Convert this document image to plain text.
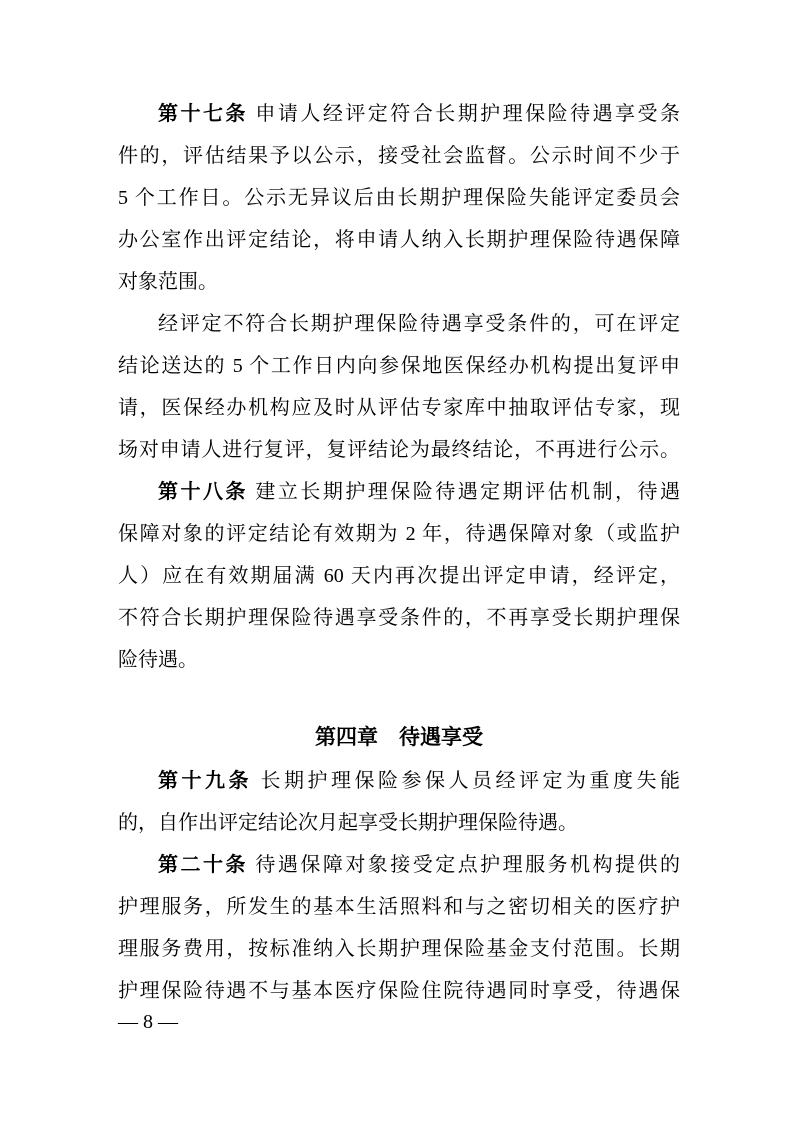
第十七条 申请人经评定符合长期护理保险待遇享受条
件的，评估结果予以公示，接受社会监督。公示时间不少于
5 个工作日。公示无异议后由长期护理保险失能评定委员会
办公室作出评定结论，将申请人纳入长期护理保险待遇保障
对象范围。
经评定不符合长期护理保险待遇享受条件的，可在评定
结论送达的 5 个工作日内向参保地医保经办机构提出复评申
请，医保经办机构应及时从评估专家库中抽取评估专家，现
场对申请人进行复评，复评结论为最终结论，不再进行公示。
第十八条 建立长期护理保险待遇定期评估机制，待遇
保障对象的评定结论有效期为 2 年，待遇保障对象（或监护
人）应在有效期届满 60 天内再次提出评定申请，经评定，
不符合长期护理保险待遇享受条件的，不再享受长期护理保
险待遇。
第四章　待遇享受
第十九条 长期护理保险参保人员经评定为重度失能
的，自作出评定结论次月起享受长期护理保险待遇。
第二十条 待遇保障对象接受定点护理服务机构提供的
护理服务，所发生的基本生活照料和与之密切相关的医疗护
理服务费用，按标准纳入长期护理保险基金支付范围。长期
护理保险待遇不与基本医疗保险住院待遇同时享受，待遇保
— 8 —
